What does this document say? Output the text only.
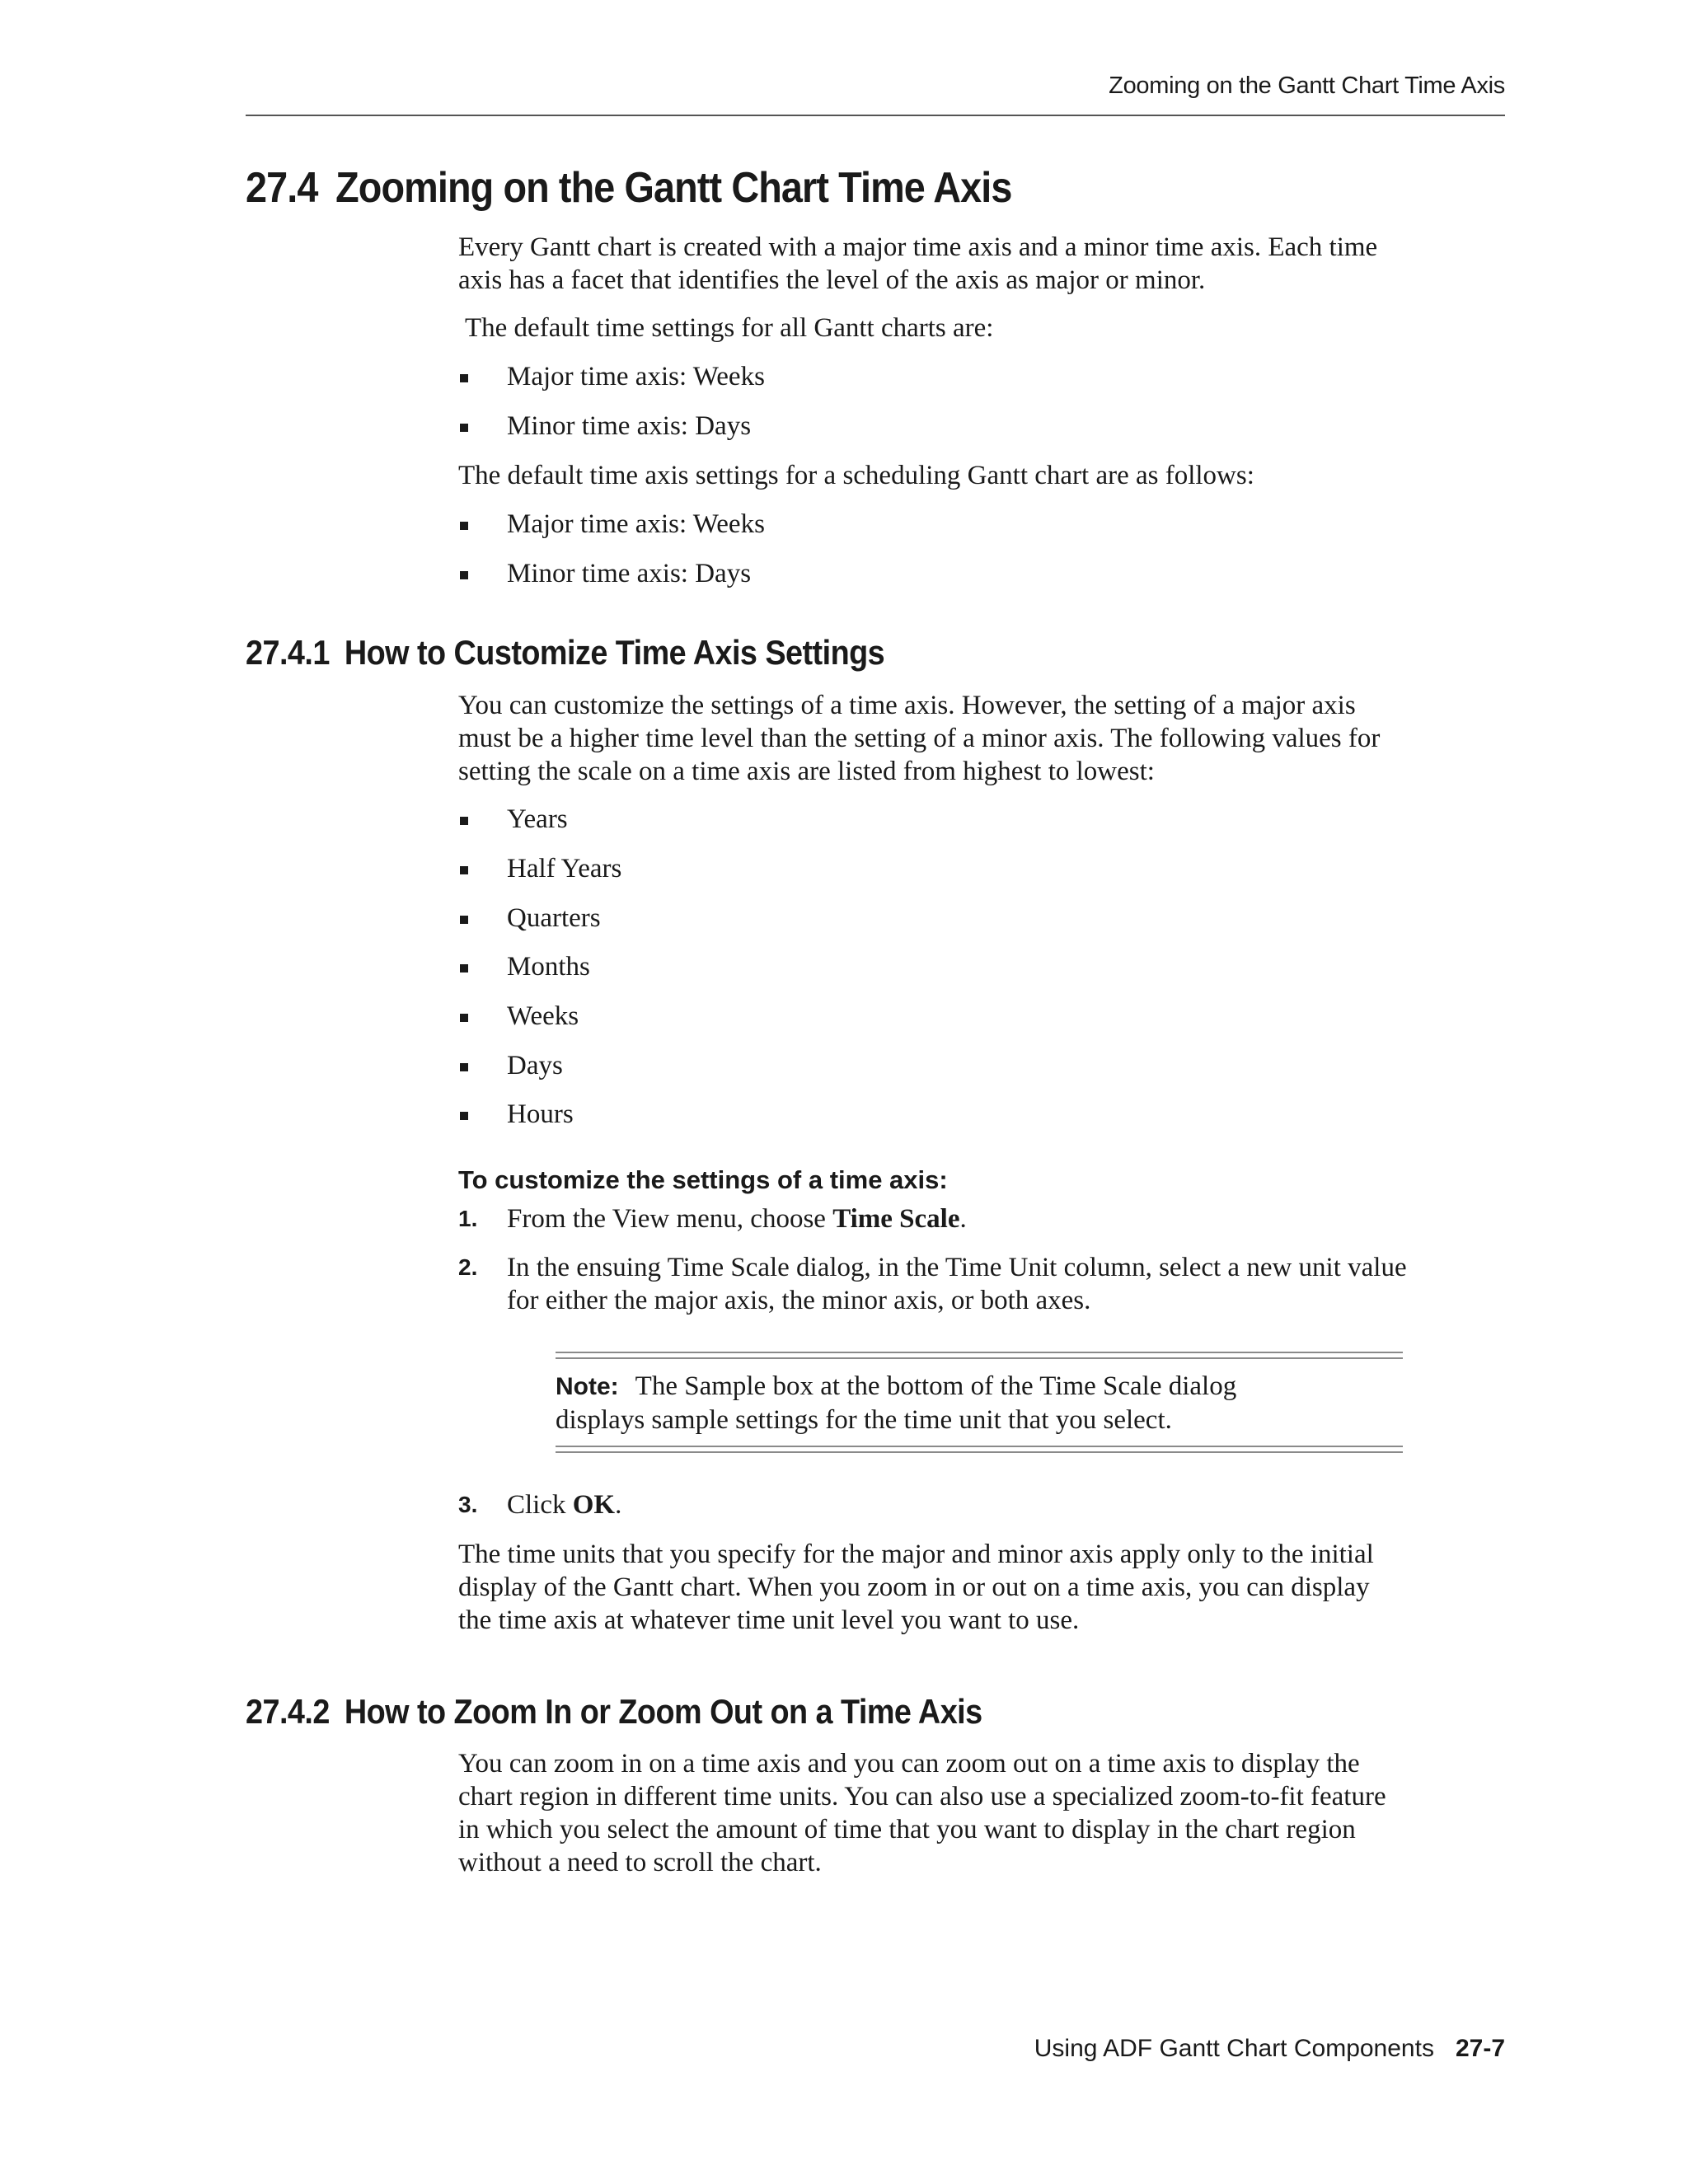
Zooming on the Gantt Chart Time Axis
27.4 Zooming on the Gantt Chart Time Axis

Every Gantt chart is created with a major time axis and a minor time axis. Each time

axis has a facet that identifies the level of the axis as major or minor.

The default time settings for all Gantt charts are:
Major time axis: Weeks
Minor time axis: Days
The default time axis settings for a scheduling Gantt chart are as follows:
Major time axis: Weeks
Minor time axis: Days
27.4.1 How to Customize Time Axis Settings

You can customize the settings of a time axis. However, the setting of a major axis

must be a higher time level than the setting of a minor axis. The following values for

setting the scale on a time axis are listed from highest to lowest:

Years
Half Years
Quarters
Months
Weeks
Days
Hours
To customize the settings of a time axis:
1. From the View menu, choose Time Scale.
2. In the ensuing Time Scale dialog, in the Time Unit column, select a new unit value
for either the major axis, the minor axis, or both axes.
Note: The Sample box at the bottom of the Time Scale dialog
displays sample settings for the time unit that you select.
3. Click OK.

The time units that you specify for the major and minor axis apply only to the initial

display of the Gantt chart. When you zoom in or out on a time axis, you can display

the time axis at whatever time unit level you want to use.

27.4.2 How to Zoom In or Zoom Out on a Time Axis

You can zoom in on a time axis and you can zoom out on a time axis to display the

chart region in different time units. You can also use a specialized zoom-to-fit feature

in which you select the amount of time that you want to display in the chart region

without a need to scroll the chart.

Using ADF Gantt Chart Components 27-7
